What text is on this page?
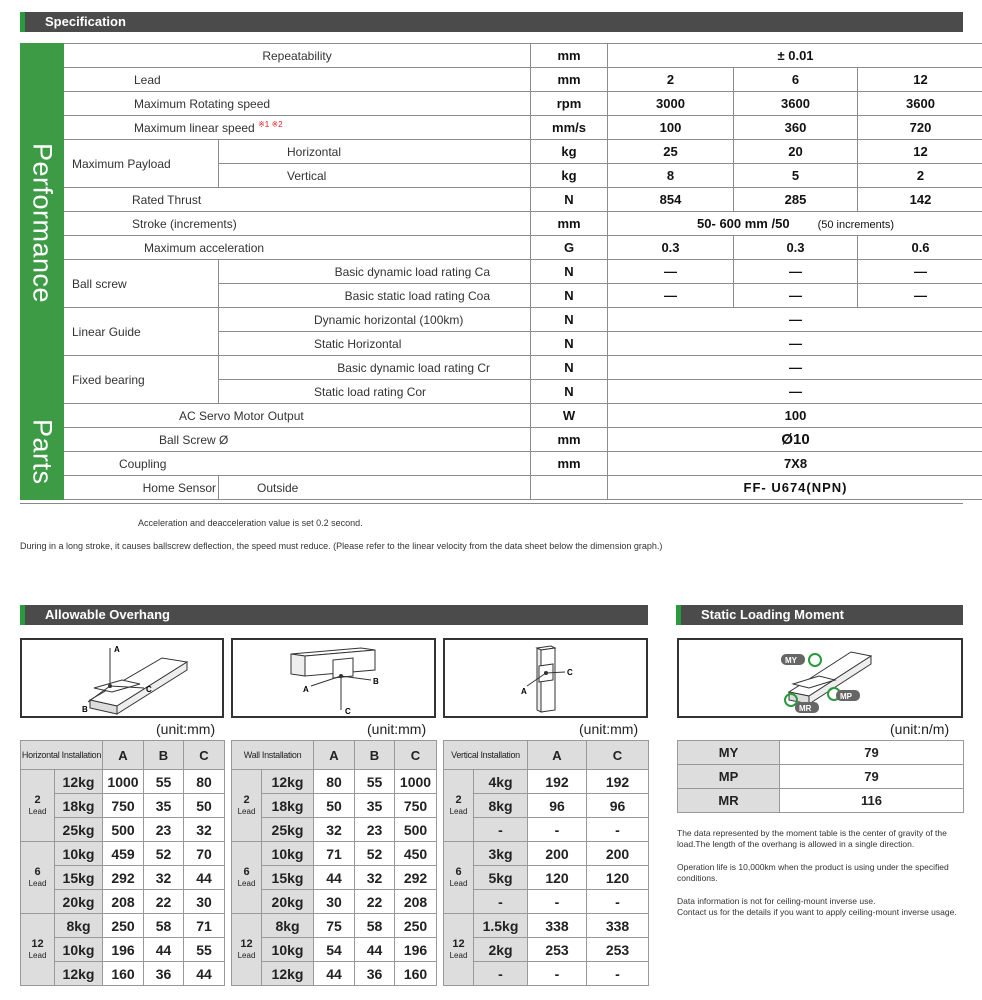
Specification
Performance	Repeatability		mm	± 0.01		
	Lead		mm	2	6	12
	Maximum Rotating speed		rpm	3000	3600	3600
	Maximum linear speed $^{※1 ※2}$		mm/s	100	360	720
	Maximum Payload	Horizontal	kg	25	20	12
		Vertical	kg	8	5	2
	Rated Thrust		N	854	285	142
	Stroke (increments)		mm	50- 600 mm /50 (50 increments)		
	Maximum acceleration		G	0.3	0.3	0.6
	Ball screw	Basic dynamic load rating Ca	N	—	—	—
		Basic static load rating Coa	N	—	—	—
	Linear Guide	Dynamic horizontal (100km)	N	—		
		Static Horizontal	N	—		
	Fixed bearing	Basic dynamic load rating Cr	N	—		
		Static load rating Cor	N	—		

Parts	AC Servo Motor Output		W	100		
	Ball Screw Ø		mm	Ø10		
	Coupling		mm	7X8		
	Home Sensor	Outside		FF- U674(NPN)		
Acceleration and deacceleration value is set 0.2 second.
During in a long stroke, it causes ballscrew deflection, the speed must reduce. (Please refer to the linear velocity from the data sheet below the dimension graph.)
Allowable Overhang	Static Loading Moment
A
C
B	C
A
B
A
C
MY
MP
MR
(unit:mm)	(unit:mm)	(unit:mm)	(unit:n/m)
Horizontal Installation		A	B	C

2
Lead	12kg	1000	55	80
	18kg	750	35	50
	25kg	500	23	32

6
Lead	10kg	459	52	70
	15kg	292	32	44
	20kg	208	22	30

12
Lead	8kg	250	58	71
	10kg	196	44	55
	12kg	160	36	44
Wall Installation		A	B	C

2
Lead	12kg	80	55	1000
	18kg	50	35	750
	25kg	32	23	500

6
Lead	10kg	71	52	450
	15kg	44	32	292
	20kg	30	22	208

12
Lead	8kg	75	58	250
	10kg	54	44	196
	12kg	44	36	160
Vertical Installation		A	C

2
Lead	4kg	192	192
	8kg	96	96
	-	-	-

6
Lead	3kg	200	200
	5kg	120	120
	-	-	-

12
Lead	1.5kg	338	338
	2kg	253	253
	-	-	-
MY	79
MP	79
MR	116
The data represented by the moment table is the center of gravity of the load.The length of the overhang is allowed in a single direction.
Operation life is 10,000km when the product is using under the specified conditions.
Data information is not for ceiling-mount inverse use.
Contact us for the details if you want to apply ceiling-mount inverse usage.
